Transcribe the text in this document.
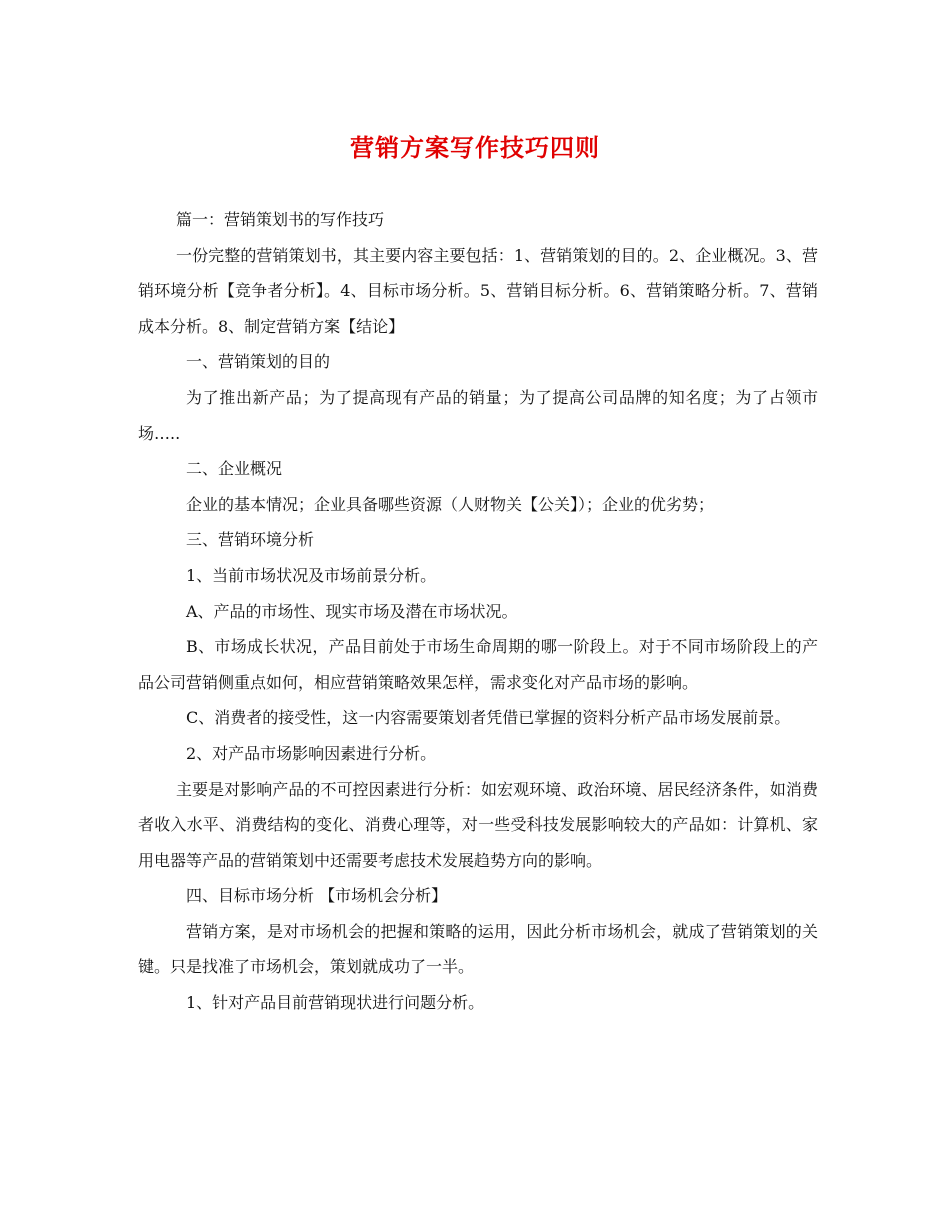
营销方案写作技巧四则

篇一：营销策划书的写作技巧

一份完整的营销策划书，其主要内容主要包括：1、营销策划的目的。2、企业概况。3、营销环境分析【竞争者分析】。4、目标市场分析。5、营销目标分析。6、营销策略分析。7、营销成本分析。8、制定营销方案【结论】

一、营销策划的目的

为了推出新产品；为了提高现有产品的销量；为了提高公司品牌的知名度；为了占领市场…..

二、企业概况

企业的基本情况；企业具备哪些资源（人财物关【公关】）；企业的优劣势；

三、营销环境分析

1、当前市场状况及市场前景分析。

A、产品的市场性、现实市场及潜在市场状况。

B、市场成长状况，产品目前处于市场生命周期的哪一阶段上。对于不同市场阶段上的产品公司营销侧重点如何，相应营销策略效果怎样，需求变化对产品市场的影响。

C、消费者的接受性，这一内容需要策划者凭借已掌握的资料分析产品市场发展前景。

2、对产品市场影响因素进行分析。

主要是对影响产品的不可控因素进行分析：如宏观环境、政治环境、居民经济条件，如消费者收入水平、消费结构的变化、消费心理等，对一些受科技发展影响较大的产品如：计算机、家用电器等产品的营销策划中还需要考虑技术发展趋势方向的影响。

四、目标市场分析 【市场机会分析】

营销方案，是对市场机会的把握和策略的运用，因此分析市场机会，就成了营销策划的关键。只是找准了市场机会，策划就成功了一半。

1、针对产品目前营销现状进行问题分析。
